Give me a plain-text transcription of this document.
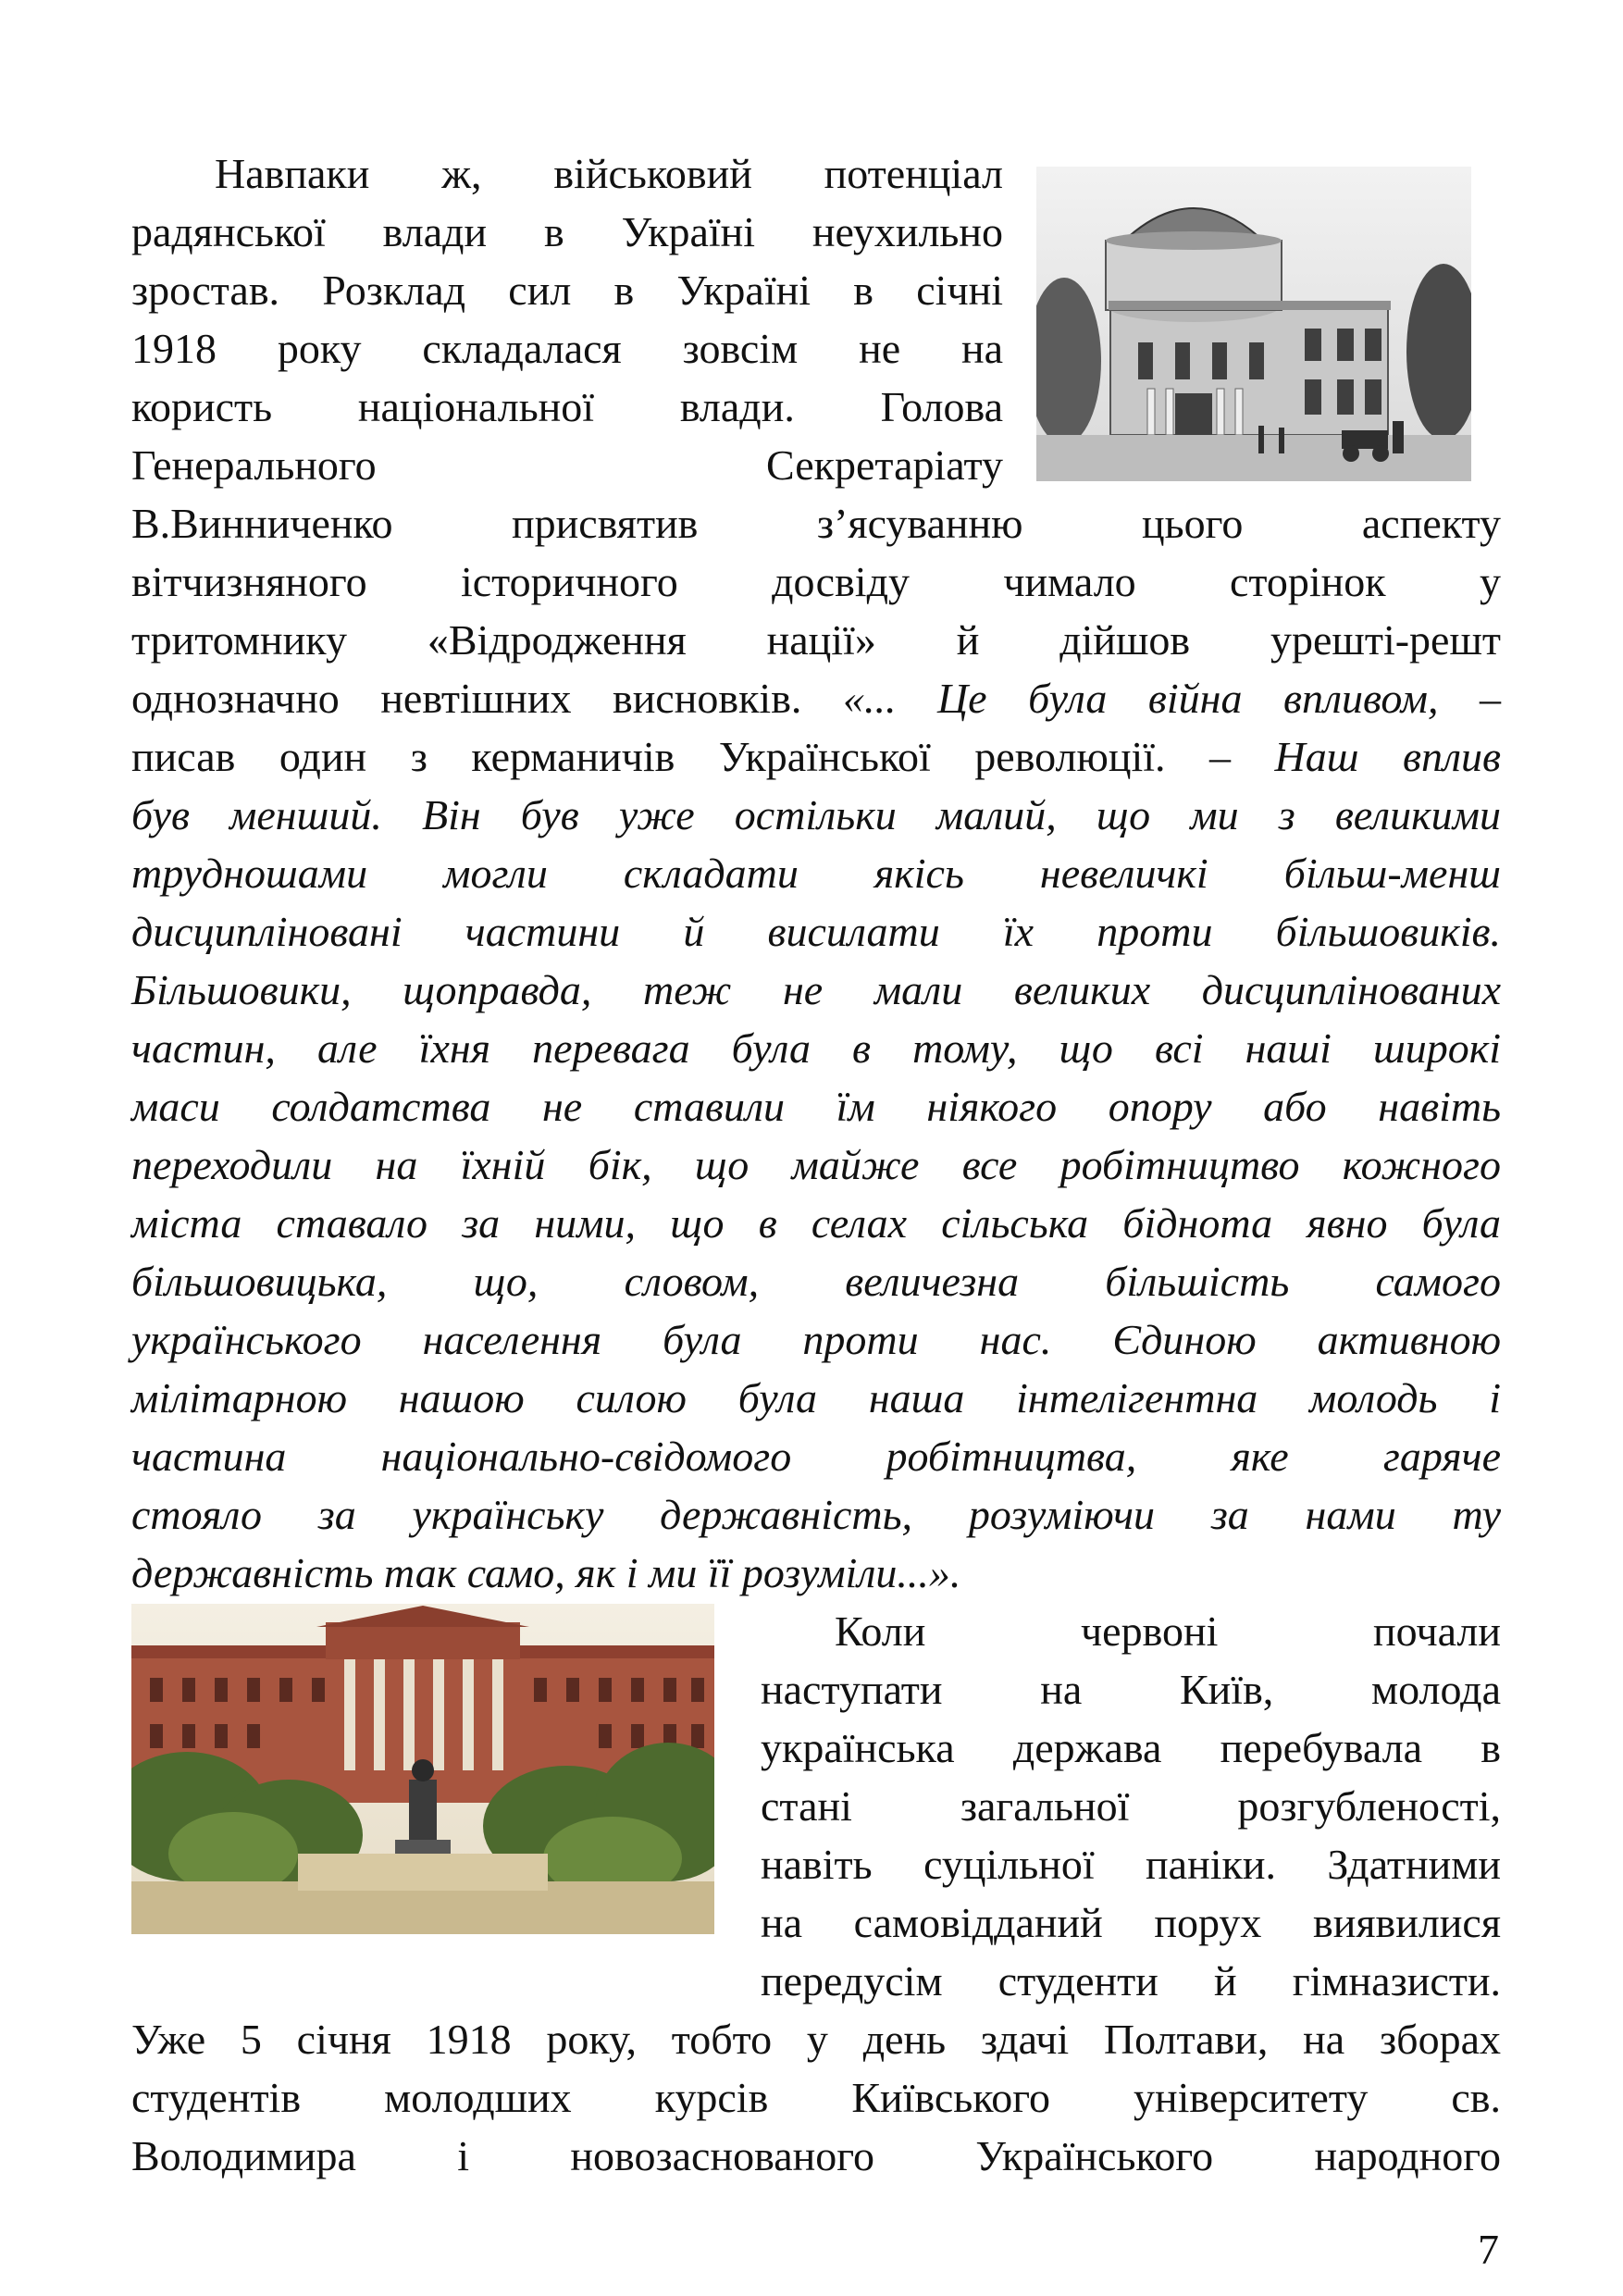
Навпаки ж, військовий потенціал
радянської влади в Україні неухильно
зростав. Розклад сил в Україні в січні
1918 року складалася зовсім не на
користь національної влади. Голова
Генерального Секретаріату
В.Винниченко присвятив з’ясуванню цього аспекту
вітчизняного історичного досвіду чимало сторінок у
тритомнику «Відродження нації» й дійшов урешті-решт
однозначно невтішних висновків. «... Це була війна впливом, –
писав один з керманичів Української революції. – Наш вплив
був менший. Він був уже остільки малий, що ми з великими
трудношами могли складати якісь невеличкі більш-менш
дисципліновані частини й висилати їх проти більшовиків.
Більшовики, щоправда, теж не мали великих дисциплінованих
частин, але їхня перевага була в тому, що всі наші широкі
маси солдатства не ставили їм ніякого опору або навіть
переходили на їхній бік, що майже все робітництво кожного
міста ставало за ними, що в селах сільська біднота явно була
більшовицька, що, словом, величезна більшість самого
українського населення була проти нас. Єдиною активною
мілітарною нашою силою була наша інтелігентна молодь і
частина національно-свідомого робітництва, яке гаряче
стояло за українську державність, розуміючи за нами ту
державність так само, як і ми її розуміли...».
Коли червоні почали
наступати на Київ, молода
українська держава перебувала в
стані загальної розгубленості,
навіть суцільної паніки. Здатними
на самовідданий порух виявилися
передусім студенти й гімназисти.
Уже 5 січня 1918 року, тобто у день здачі Полтави, на зборах
студентів молодших курсів Київського університету св.
Володимира і новозаснованого Українського народного
7
